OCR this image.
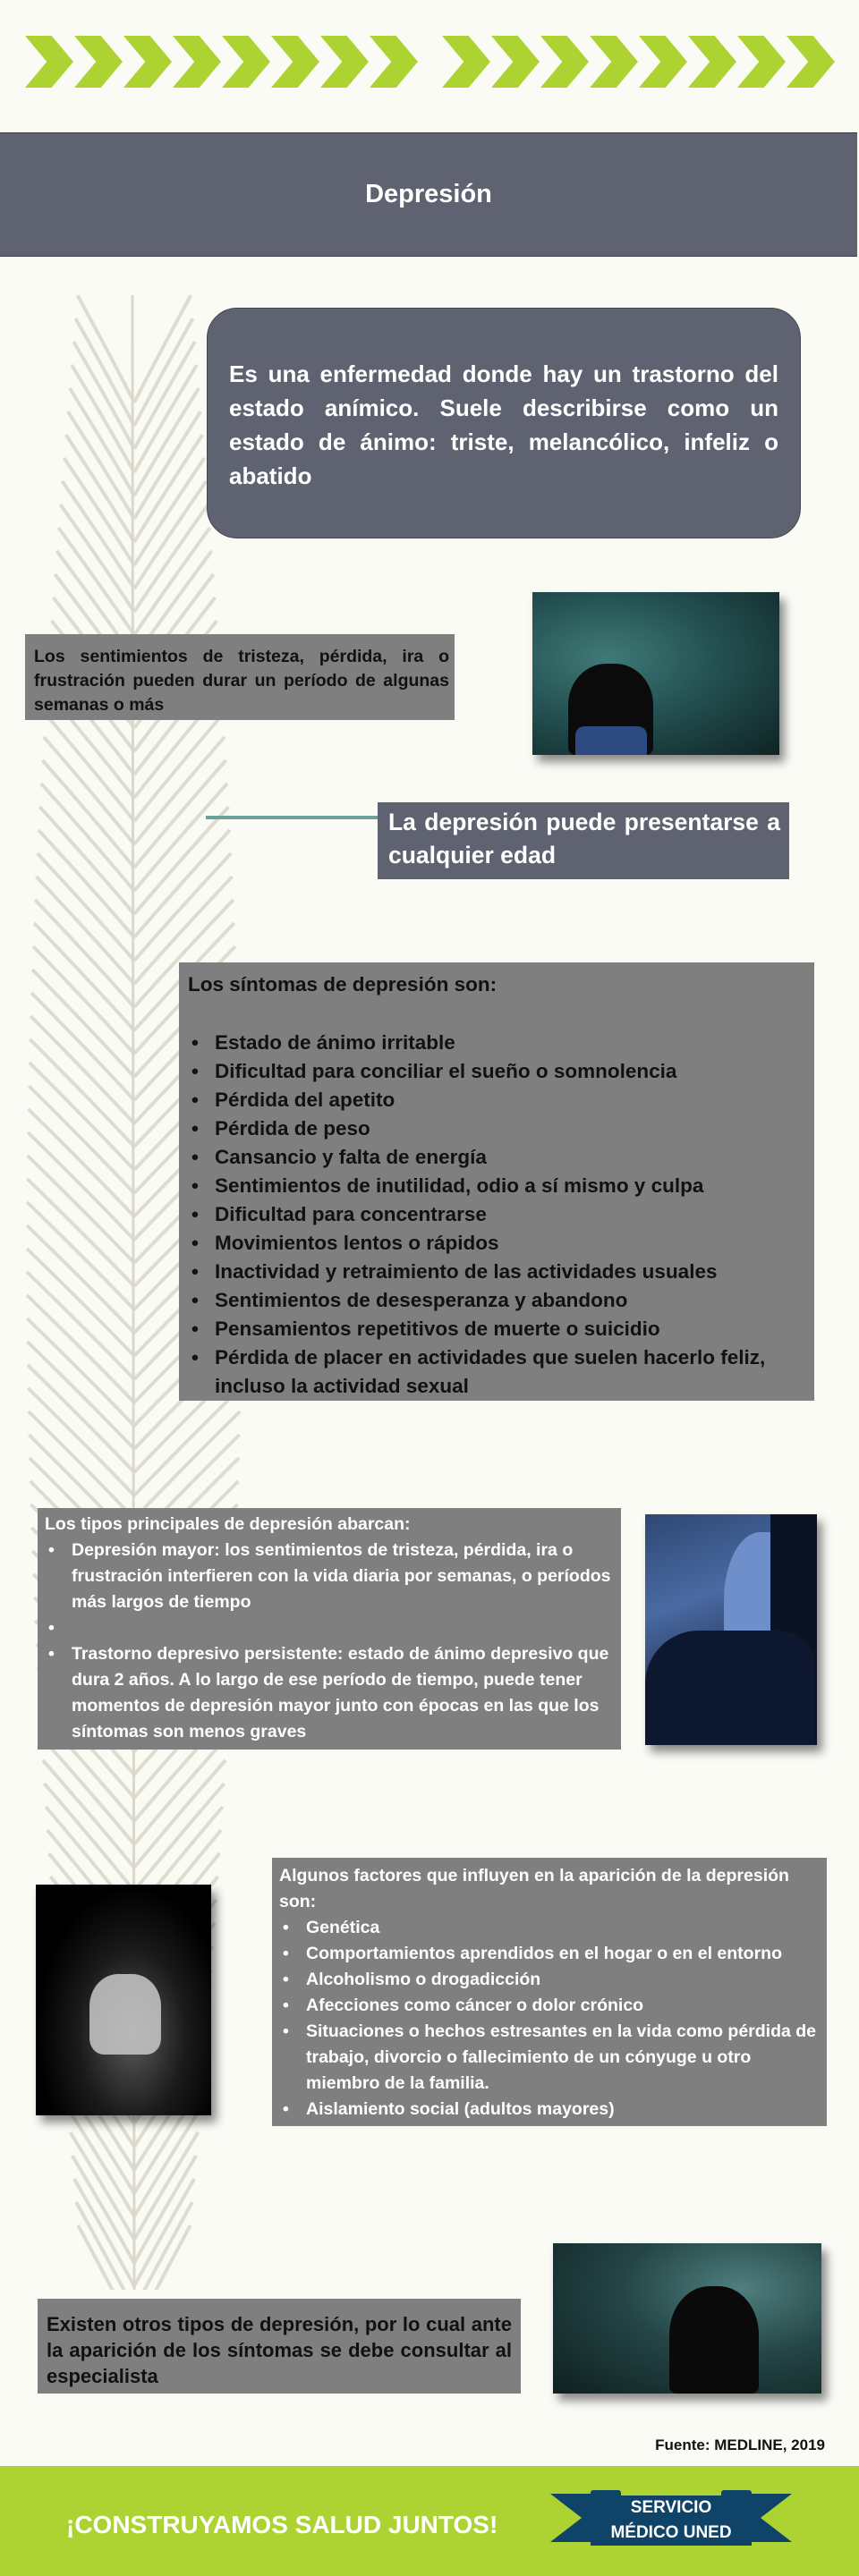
Depresión
Es una enfermedad donde hay un trastorno del estado anímico. Suele describirse como un estado de ánimo: triste, melancólico, infeliz o abatido
Los sentimientos de tristeza, pérdida, ira o frustración pueden durar un período de algunas semanas o más
La depresión puede presentarse a cualquier edad
Los síntomas de depresión son:
• Estado de ánimo irritable
• Dificultad para conciliar el sueño o somnolencia
• Pérdida del apetito
• Pérdida de peso
• Cansancio y falta de energía
• Sentimientos de inutilidad, odio a sí mismo y culpa
• Dificultad para concentrarse
• Movimientos lentos o rápidos
• Inactividad y retraimiento de las actividades usuales
• Sentimientos de desesperanza y abandono
• Pensamientos repetitivos de muerte o suicidio
• Pérdida de placer en actividades que suelen hacerlo feliz, incluso la actividad sexual
Los tipos principales de depresión abarcan:
• Depresión mayor: los sentimientos de tristeza, pérdida, ira o frustración interfieren con la vida diaria por semanas, o períodos más largos de tiempo
•
• Trastorno depresivo persistente: estado de ánimo depresivo que dura 2 años. A lo largo de ese período de tiempo, puede tener momentos de depresión mayor junto con épocas en las que los síntomas son menos graves
Algunos factores que influyen en la aparición de la depresión son:
• Genética
• Comportamientos aprendidos en el hogar o en el entorno
• Alcoholismo o drogadicción
• Afecciones como cáncer o dolor crónico
• Situaciones o hechos estresantes en la vida como pérdida de trabajo, divorcio o fallecimiento de un cónyuge u otro miembro de la familia.
• Aislamiento social (adultos mayores)
Existen otros tipos de depresión, por lo cual ante la aparición de los síntomas se debe consultar al especialista
Fuente: MEDLINE, 2019
¡CONSTRUYAMOS SALUD JUNTOS!
SERVICIO
MÉDICO UNED
